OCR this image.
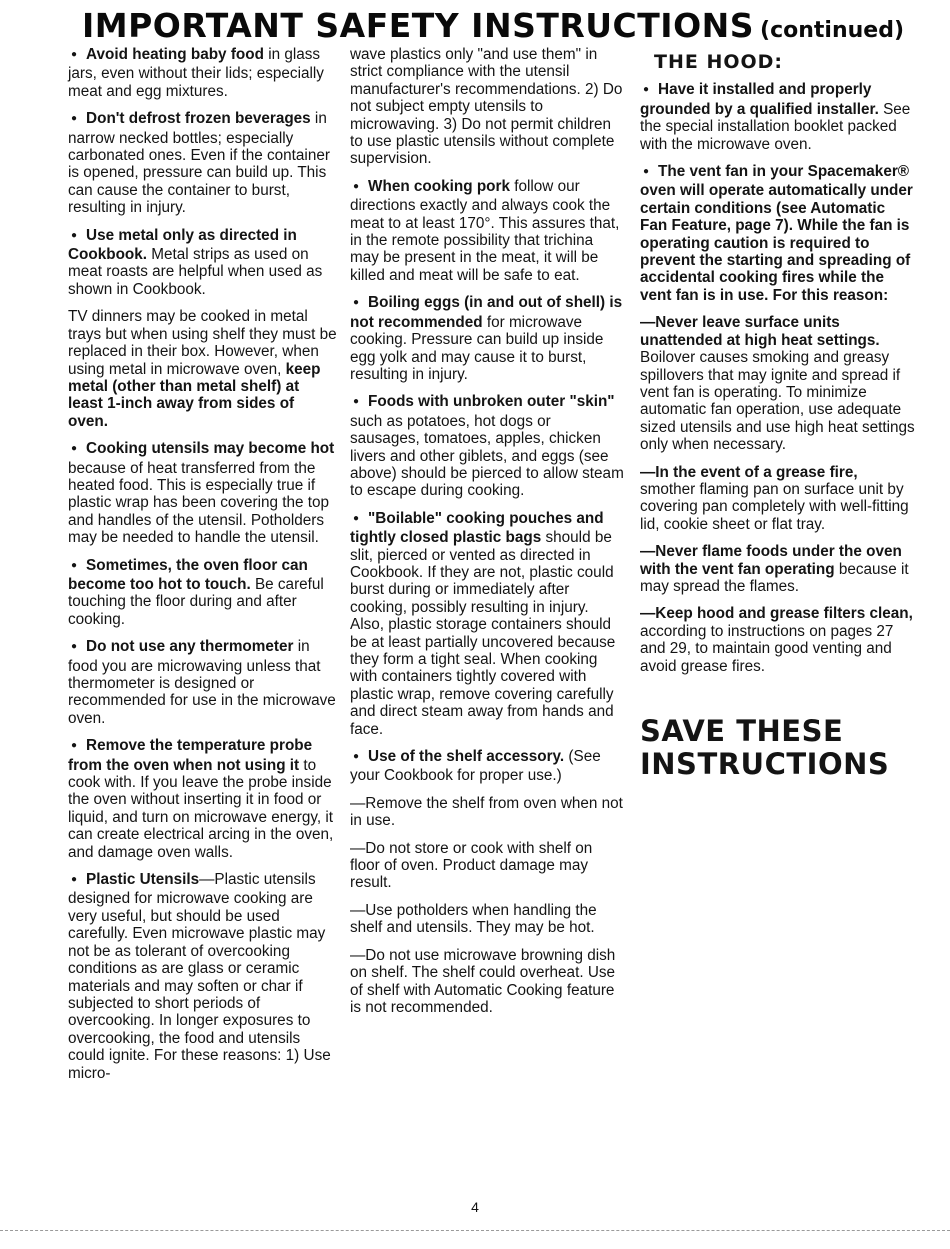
IMPORTANT SAFETY INSTRUCTIONS (continued)

● Avoid heating baby food in glass jars, even without their lids; especially meat and egg mixtures.

● Don't defrost frozen beverages in narrow necked bottles; especially carbonated ones. Even if the container is opened, pressure can build up. This can cause the container to burst, resulting in injury.

● Use metal only as directed in Cookbook. Metal strips as used on meat roasts are helpful when used as shown in Cookbook.

TV dinners may be cooked in metal trays but when using shelf they must be replaced in their box. However, when using metal in microwave oven, keep metal (other than metal shelf) at least 1-inch away from sides of oven.

● Cooking utensils may become hot because of heat transferred from the heated food. This is especially true if plastic wrap has been covering the top and handles of the utensil. Potholders may be needed to handle the utensil.

● Sometimes, the oven floor can become too hot to touch. Be careful touching the floor during and after cooking.

● Do not use any thermometer in food you are microwaving unless that thermometer is designed or recommended for use in the microwave oven.

● Remove the temperature probe from the oven when not using it to cook with. If you leave the probe inside the oven without inserting it in food or liquid, and turn on microwave energy, it can create electrical arcing in the oven, and damage oven walls.

● Plastic Utensils—Plastic utensils designed for microwave cooking are very useful, but should be used carefully. Even microwave plastic may not be as tolerant of overcooking conditions as are glass or ceramic materials and may soften or char if subjected to short periods of overcooking. In longer exposures to overcooking, the food and utensils could ignite. For these reasons: 1) Use micro-

wave plastics only "and use them" in strict compliance with the utensil manufacturer's recommendations. 2) Do not subject empty utensils to microwaving. 3) Do not permit children to use plastic utensils without complete supervision.

● When cooking pork follow our directions exactly and always cook the meat to at least 170°. This assures that, in the remote possibility that trichina may be present in the meat, it will be killed and meat will be safe to eat.

● Boiling eggs (in and out of shell) is not recommended for microwave cooking. Pressure can build up inside egg yolk and may cause it to burst, resulting in injury.

● Foods with unbroken outer "skin" such as potatoes, hot dogs or sausages, tomatoes, apples, chicken livers and other giblets, and eggs (see above) should be pierced to allow steam to escape during cooking.

● "Boilable" cooking pouches and tightly closed plastic bags should be slit, pierced or vented as directed in Cookbook. If they are not, plastic could burst during or immediately after cooking, possibly resulting in injury. Also, plastic storage containers should be at least partially uncovered because they form a tight seal. When cooking with containers tightly covered with plastic wrap, remove covering carefully and direct steam away from hands and face.

● Use of the shelf accessory. (See your Cookbook for proper use.)

—Remove the shelf from oven when not in use.

—Do not store or cook with shelf on floor of oven. Product damage may result.

—Use potholders when handling the shelf and utensils. They may be hot.

—Do not use microwave browning dish on shelf. The shelf could overheat. Use of shelf with Automatic Cooking feature is not recommended.

THE HOOD:

● Have it installed and properly grounded by a qualified installer. See the special installation booklet packed with the microwave oven.

● The vent fan in your Spacemaker® oven will operate automatically under certain conditions (see Automatic Fan Feature, page 7). While the fan is operating caution is required to prevent the starting and spreading of accidental cooking fires while the vent fan is in use. For this reason:

—Never leave surface units unattended at high heat settings. Boilover causes smoking and greasy spillovers that may ignite and spread if vent fan is operating. To minimize automatic fan operation, use adequate sized utensils and use high heat settings only when necessary.

—In the event of a grease fire, smother flaming pan on surface unit by covering pan completely with well-fitting lid, cookie sheet or flat tray.

—Never flame foods under the oven with the vent fan operating because it may spread the flames.

—Keep hood and grease filters clean, according to instructions on pages 27 and 29, to maintain good venting and avoid grease fires.

SAVE THESE INSTRUCTIONS
4
